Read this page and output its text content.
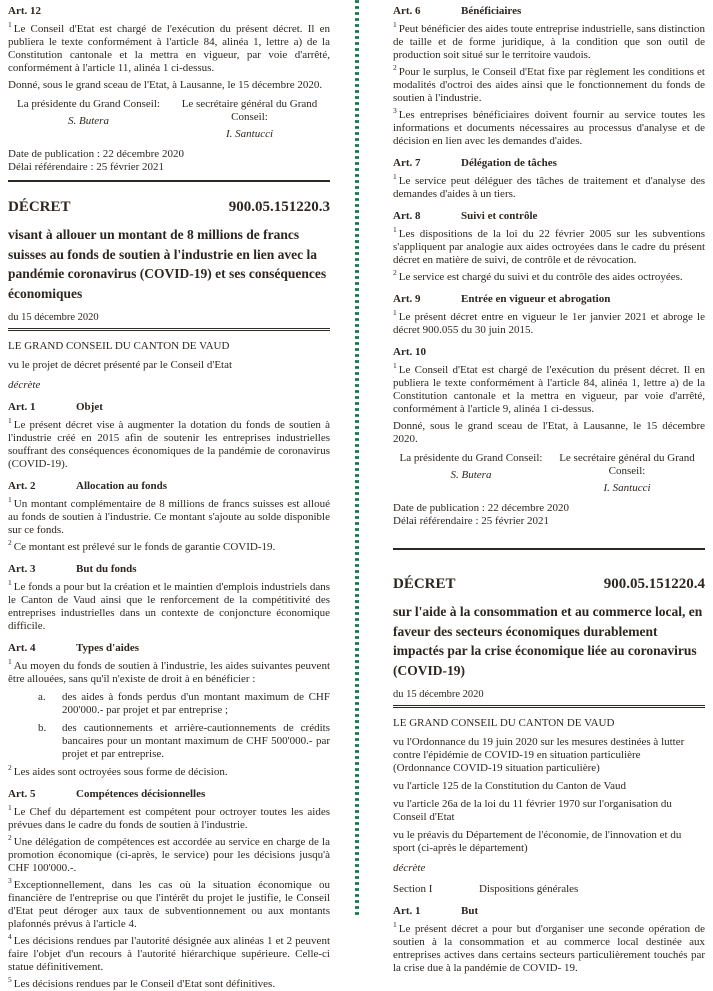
Art. 12
$^1$ Le Conseil d'Etat est chargé de l'exécution du présent décret. Il en publiera le texte conformément à l'article 84, alinéa 1, lettre a) de la Constitution cantonale et la mettra en vigueur, par voie d'arrêté, conformément à l'article 11, alinéa 1 ci-dessus.
Donné, sous le grand sceau de l'Etat, à Lausanne, le 15 décembre 2020.
La présidente du Grand Conseil:
S. Butera
Le secrétaire général du Grand Conseil:
I. Santucci
Date de publication : 22 décembre 2020
Délai référendaire : 25 février 2021
DÉCRET	900.05.151220.3
visant à allouer un montant de 8 millions de francs suisses au fonds de soutien à l'industrie en lien avec la pandémie coronavirus (COVID-19) et ses conséquences économiques
du 15 décembre 2020
LE GRAND CONSEIL DU CANTON DE VAUD
vu le projet de décret présenté par le Conseil d'Etat
décrète
Art. 1	Objet
$^1$ Le présent décret vise à augmenter la dotation du fonds de soutien à l'industrie créé en 2015 afin de soutenir les entreprises industrielles souffrant des conséquences économiques de la pandémie de coronavirus (COVID-19).
Art. 2	Allocation au fonds
$^1$ Un montant complémentaire de 8 millions de francs suisses est alloué au fonds de soutien à l'industrie. Ce montant s'ajoute au solde disponible sur ce fonds.
$^2$ Ce montant est prélevé sur le fonds de garantie COVID-19.
Art. 3	But du fonds
$^1$ Le fonds a pour but la création et le maintien d'emplois industriels dans le Canton de Vaud ainsi que le renforcement de la compétitivité des entreprises industrielles dans un contexte de conjoncture économique difficile.
Art. 4	Types d'aides
$^1$ Au moyen du fonds de soutien à l'industrie, les aides suivantes peuvent être allouées, sans qu'il n'existe de droit à en bénéficier :
a.	des aides à fonds perdus d'un montant maximum de CHF 200'000.- par projet et par entreprise ;
b.	des cautionnements et arrière-cautionnements de crédits bancaires pour un montant maximum de CHF 500'000.- par projet et par entreprise.
$^2$ Les aides sont octroyées sous forme de décision.
Art. 5	Compétences décisionnelles
$^1$ Le Chef du département est compétent pour octroyer toutes les aides prévues dans le cadre du fonds de soutien à l'industrie.
$^2$ Une délégation de compétences est accordée au service en charge de la promotion économique (ci-après, le service) pour les décisions jusqu'à CHF 100'000.-.
$^3$ Exceptionnellement, dans les cas où la situation économique ou financière de l'entreprise ou que l'intérêt du projet le justifie, le Conseil d'Etat peut déroger aux taux de subventionnement ou aux montants plafonnés prévus à l'article 4.
$^4$ Les décisions rendues par l'autorité désignée aux alinéas 1 et 2 peuvent faire l'objet d'un recours à l'autorité hiérarchique supérieure. Celle-ci statue définitivement.
$^5$ Les décisions rendues par le Conseil d'Etat sont définitives.
Art. 6	Bénéficiaires
$^1$ Peut bénéficier des aides toute entreprise industrielle, sans distinction de taille et de forme juridique, à la condition que son outil de production soit situé sur le territoire vaudois.
$^2$ Pour le surplus, le Conseil d'Etat fixe par règlement les conditions et modalités d'octroi des aides ainsi que le fonctionnement du fonds de soutien à l'industrie.
$^3$ Les entreprises bénéficiaires doivent fournir au service toutes les informations et documents nécessaires au processus d'analyse et de décision en lien avec les demandes d'aides.
Art. 7	Délégation de tâches
$^1$ Le service peut déléguer des tâches de traitement et d'analyse des demandes d'aides à un tiers.
Art. 8	Suivi et contrôle
$^1$ Les dispositions de la loi du 22 février 2005 sur les subventions s'appliquent par analogie aux aides octroyées dans le cadre du présent décret en matière de suivi, de contrôle et de révocation.
$^2$ Le service est chargé du suivi et du contrôle des aides octroyées.
Art. 9	Entrée en vigueur et abrogation
$^1$ Le présent décret entre en vigueur le 1er janvier 2021 et abroge le décret 900.055 du 30 juin 2015.
Art. 10
$^1$ Le Conseil d'Etat est chargé de l'exécution du présent décret. Il en publiera le texte conformément à l'article 84, alinéa 1, lettre a) de la Constitution cantonale et la mettra en vigueur, par voie d'arrêté, conformément à l'article 9, alinéa 1 ci-dessus.
Donné, sous le grand sceau de l'Etat, à Lausanne, le 15 décembre 2020.
La présidente du Grand Conseil:
S. Butera
Le secrétaire général du Grand Conseil:
I. Santucci
Date de publication : 22 décembre 2020
Délai référendaire : 25 février 2021
DÉCRET	900.05.151220.4
sur l'aide à la consommation et au commerce local, en faveur des secteurs économiques durablement impactés par la crise économique liée au coronavirus (COVID-19)
du 15 décembre 2020
LE GRAND CONSEIL DU CANTON DE VAUD
vu l'Ordonnance du 19 juin 2020 sur les mesures destinées à lutter contre l'épidémie de COVID-19 en situation particulière (Ordonnance COVID-19 situation particulière)
vu l'article 125 de la Constitution du Canton de Vaud
vu l'article 26a de la loi du 11 février 1970 sur l'organisation du Conseil d'Etat
vu le préavis du Département de l'économie, de l'innovation et du sport (ci-après le département)
décrète
Section I	Dispositions générales
Art. 1	But
$^1$ Le présent décret a pour but d'organiser une seconde opération de soutien à la consommation et au commerce local destinée aux entreprises actives dans certains secteurs particulièrement touchés par la crise due à la pandémie de COVID- 19.
